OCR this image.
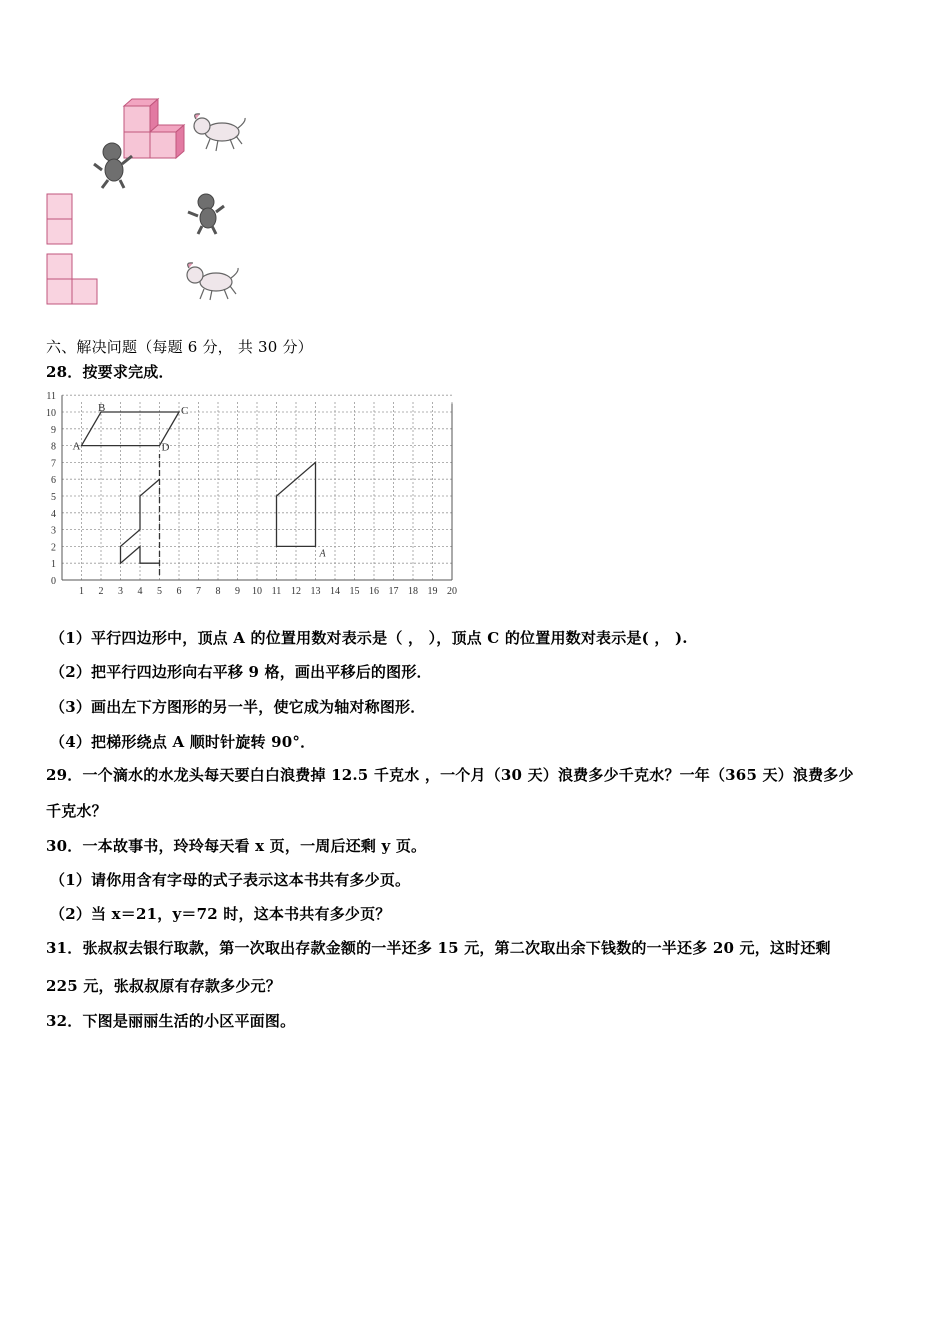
六、解决问题（每题 6 分， 共 30 分）
28．按要求完成．
1 2 3 4 5 6 7 8 9 10 11 12 13 14 15 16 17 18 19 20
0
1
2
3
4
5
6
7
8
9
10
11
A
B	C
D
A
（1）平行四边形中，顶点 A 的位置用数对表示是（ ， ），顶点 C 的位置用数对表示是( ， ).
（2）把平行四边形向右平移 9 格，画出平移后的图形．
（3）画出左下方图形的另一半，使它成为轴对称图形．
（4）把梯形绕点 A 顺时针旋转 90°．
29．一个滴水的水龙头每天要白白浪费掉 12.5 千克水 ，一个月（30 天）浪费多少千克水？一年（365 天）浪费多少
千克水？
30．一本故事书，玲玲每天看 x 页，一周后还剩 y 页。
（1）请你用含有字母的式子表示这本书共有多少页。
（2）当 x＝21，y＝72 时，这本书共有多少页？
31．张叔叔去银行取款，第一次取出存款金额的一半还多 15 元，第二次取出余下钱数的一半还多 20 元，这时还剩
225 元，张叔叔原有存款多少元？
32．下图是丽丽生活的小区平面图。
